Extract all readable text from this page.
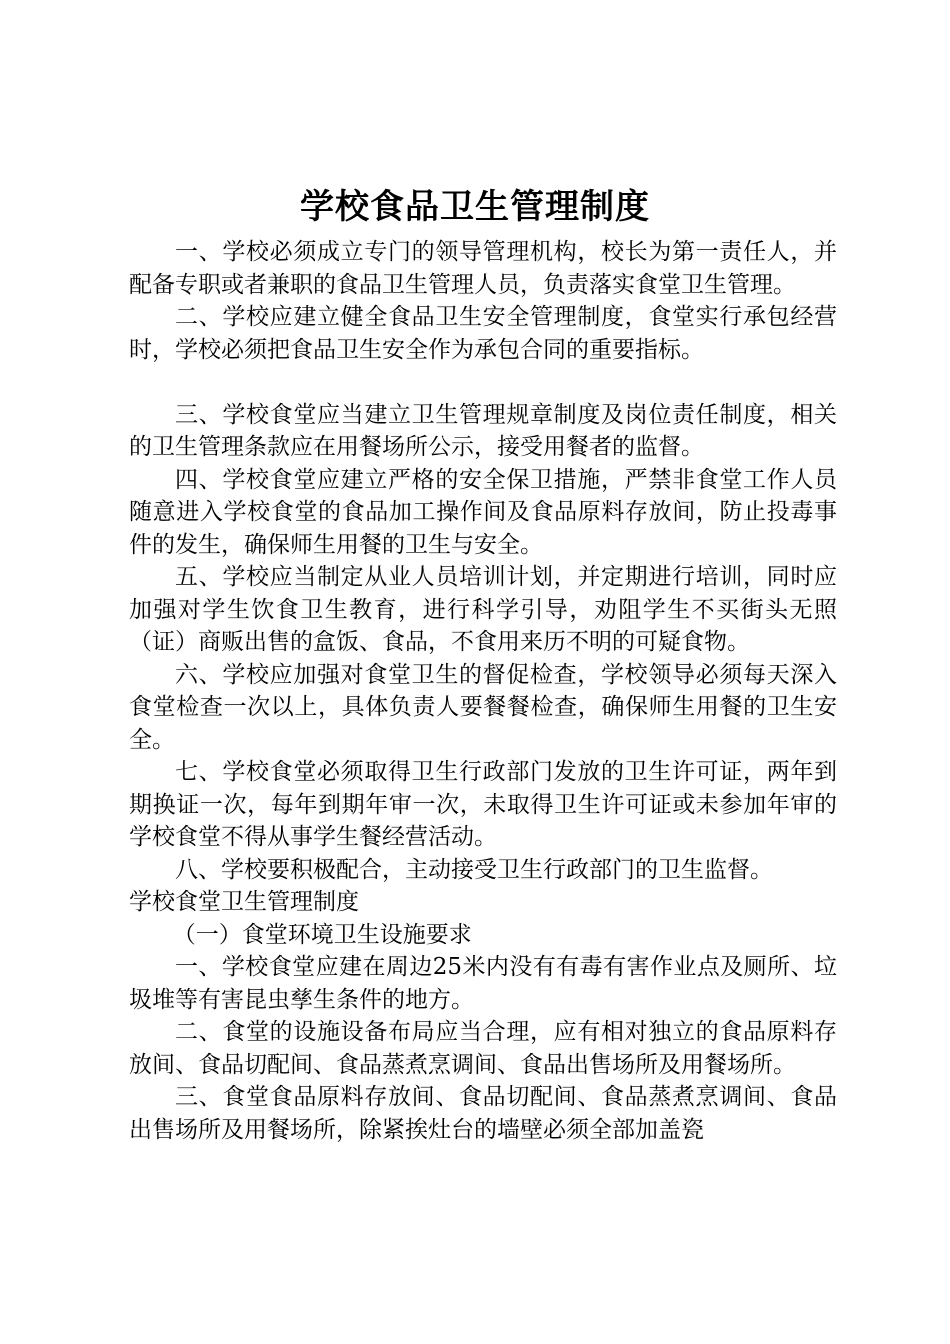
学校食品卫生管理制度

一、学校必须成立专门的领导管理机构，校长为第一责任人，并配备专职或者兼职的食品卫生管理人员，负责落实食堂卫生管理。

二、学校应建立健全食品卫生安全管理制度，食堂实行承包经营时，学校必须把食品卫生安全作为承包合同的重要指标。

三、学校食堂应当建立卫生管理规章制度及岗位责任制度，相关的卫生管理条款应在用餐场所公示，接受用餐者的监督。

四、学校食堂应建立严格的安全保卫措施，严禁非食堂工作人员随意进入学校食堂的食品加工操作间及食品原料存放间，防止投毒事件的发生，确保师生用餐的卫生与安全。

五、学校应当制定从业人员培训计划，并定期进行培训，同时应加强对学生饮食卫生教育，进行科学引导，劝阻学生不买街头无照（证）商贩出售的盒饭、食品，不食用来历不明的可疑食物。

六、学校应加强对食堂卫生的督促检查，学校领导必须每天深入食堂检查一次以上，具体负责人要餐餐检查，确保师生用餐的卫生安全。

七、学校食堂必须取得卫生行政部门发放的卫生许可证，两年到期换证一次，每年到期年审一次，未取得卫生许可证或未参加年审的学校食堂不得从事学生餐经营活动。

八、学校要积极配合，主动接受卫生行政部门的卫生监督。

学校食堂卫生管理制度

（一）食堂环境卫生设施要求

一、学校食堂应建在周边25米内没有有毒有害作业点及厕所、垃圾堆等有害昆虫孳生条件的地方。

二、食堂的设施设备布局应当合理，应有相对独立的食品原料存放间、食品切配间、食品蒸煮烹调间、食品出售场所及用餐场所。

三、食堂食品原料存放间、食品切配间、食品蒸煮烹调间、食品出售场所及用餐场所，除紧挨灶台的墙壁必须全部加盖瓷
